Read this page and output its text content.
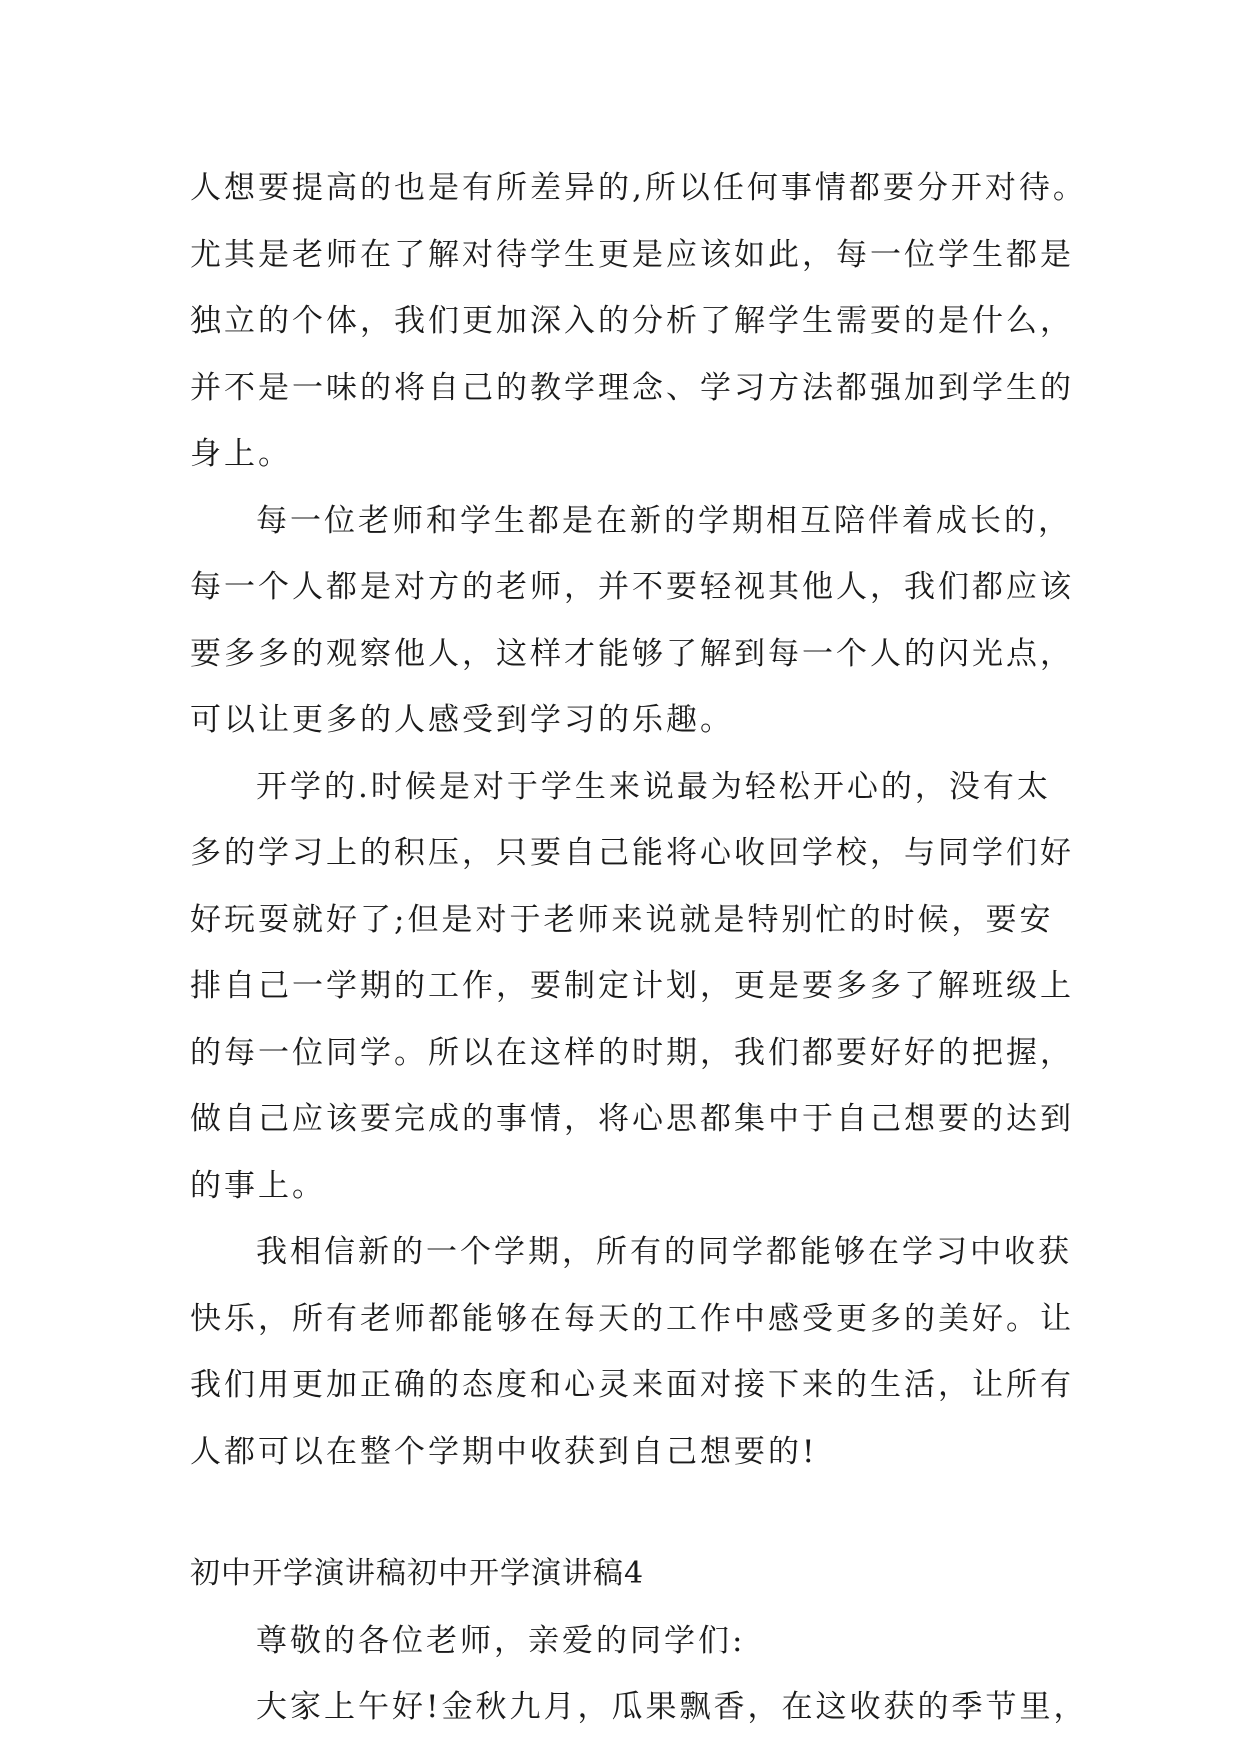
人想要提高的也是有所差异的,所以任何事情都要分开对待。
尤其是老师在了解对待学生更是应该如此，每一位学生都是
独立的个体，我们更加深入的分析了解学生需要的是什么，
并不是一味的将自己的教学理念、学习方法都强加到学生的
身上。
每一位老师和学生都是在新的学期相互陪伴着成长的，
每一个人都是对方的老师，并不要轻视其他人，我们都应该
要多多的观察他人，这样才能够了解到每一个人的闪光点，
可以让更多的人感受到学习的乐趣。
开学的.时候是对于学生来说最为轻松开心的，没有太
多的学习上的积压，只要自己能将心收回学校，与同学们好
好玩耍就好了;但是对于老师来说就是特别忙的时候，要安
排自己一学期的工作，要制定计划，更是要多多了解班级上
的每一位同学。所以在这样的时期，我们都要好好的把握，
做自己应该要完成的事情，将心思都集中于自己想要的达到
的事上。
我相信新的一个学期，所有的同学都能够在学习中收获
快乐，所有老师都能够在每天的工作中感受更多的美好。让
我们用更加正确的态度和心灵来面对接下来的生活，让所有
人都可以在整个学期中收获到自己想要的!
初中开学演讲稿初中开学演讲稿4
尊敬的各位老师，亲爱的同学们:
大家上午好!金秋九月，瓜果飘香，在这收获的季节里，
